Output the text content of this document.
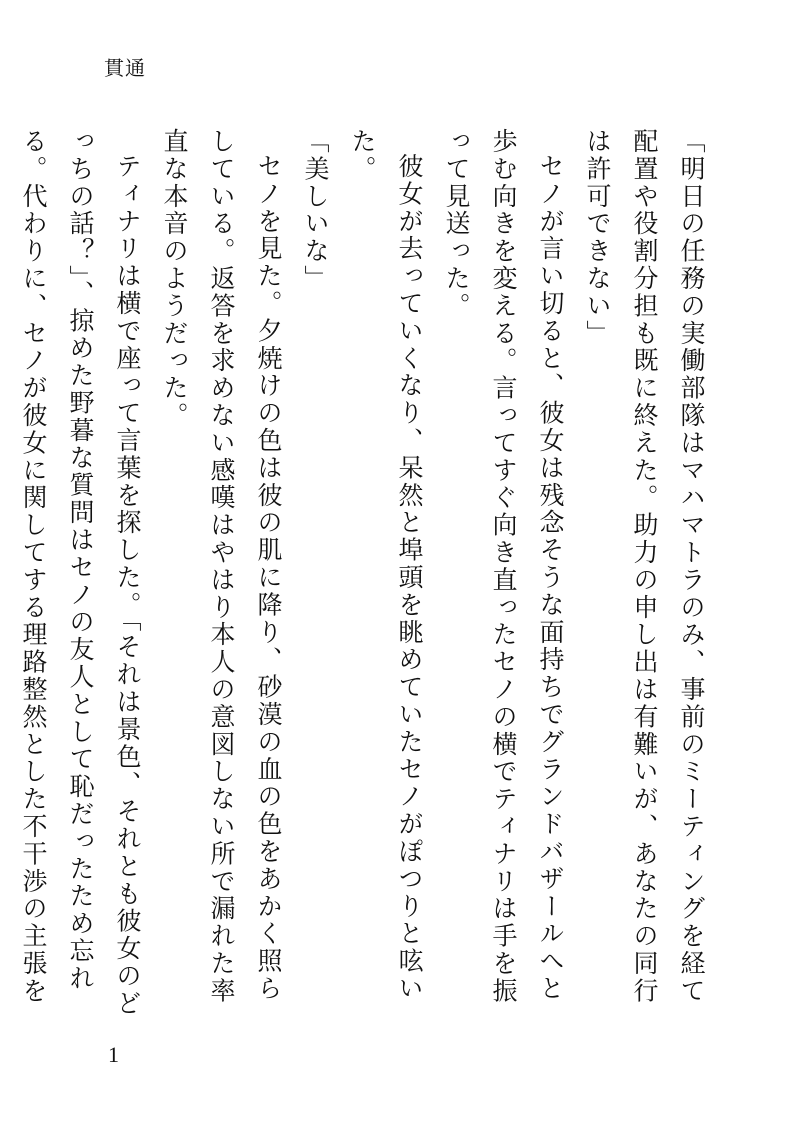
貫通

「明日の任務の実働部隊はマハマトラのみ、事前のミーティングを経て配置や役割分担も既に終えた。助力の申し出は有難いが、あなたの同行は許可できない」

セノが言い切ると、彼女は残念そうな面持ちでグランドバザールへと歩む向きを変える。言ってすぐ向き直ったセノの横でティナリは手を振って見送った。

彼女が去っていくなり、呆然と埠頭を眺めていたセノがぽつりと呟いた。

「美しいな」

セノを見た。夕焼けの色は彼の肌に降り、砂漠の血の色をあかく照らしている。返答を求めない感嘆はやはり本人の意図しない所で漏れた率直な本音のようだった。

ティナリは横で座って言葉を探した。「それは景色、それとも彼女のどっちの話？」、掠めた野暮な質問はセノの友人として恥だったため忘れる。代わりに、セノが彼女に関してする理路整然とした不干渉の主張を

1
